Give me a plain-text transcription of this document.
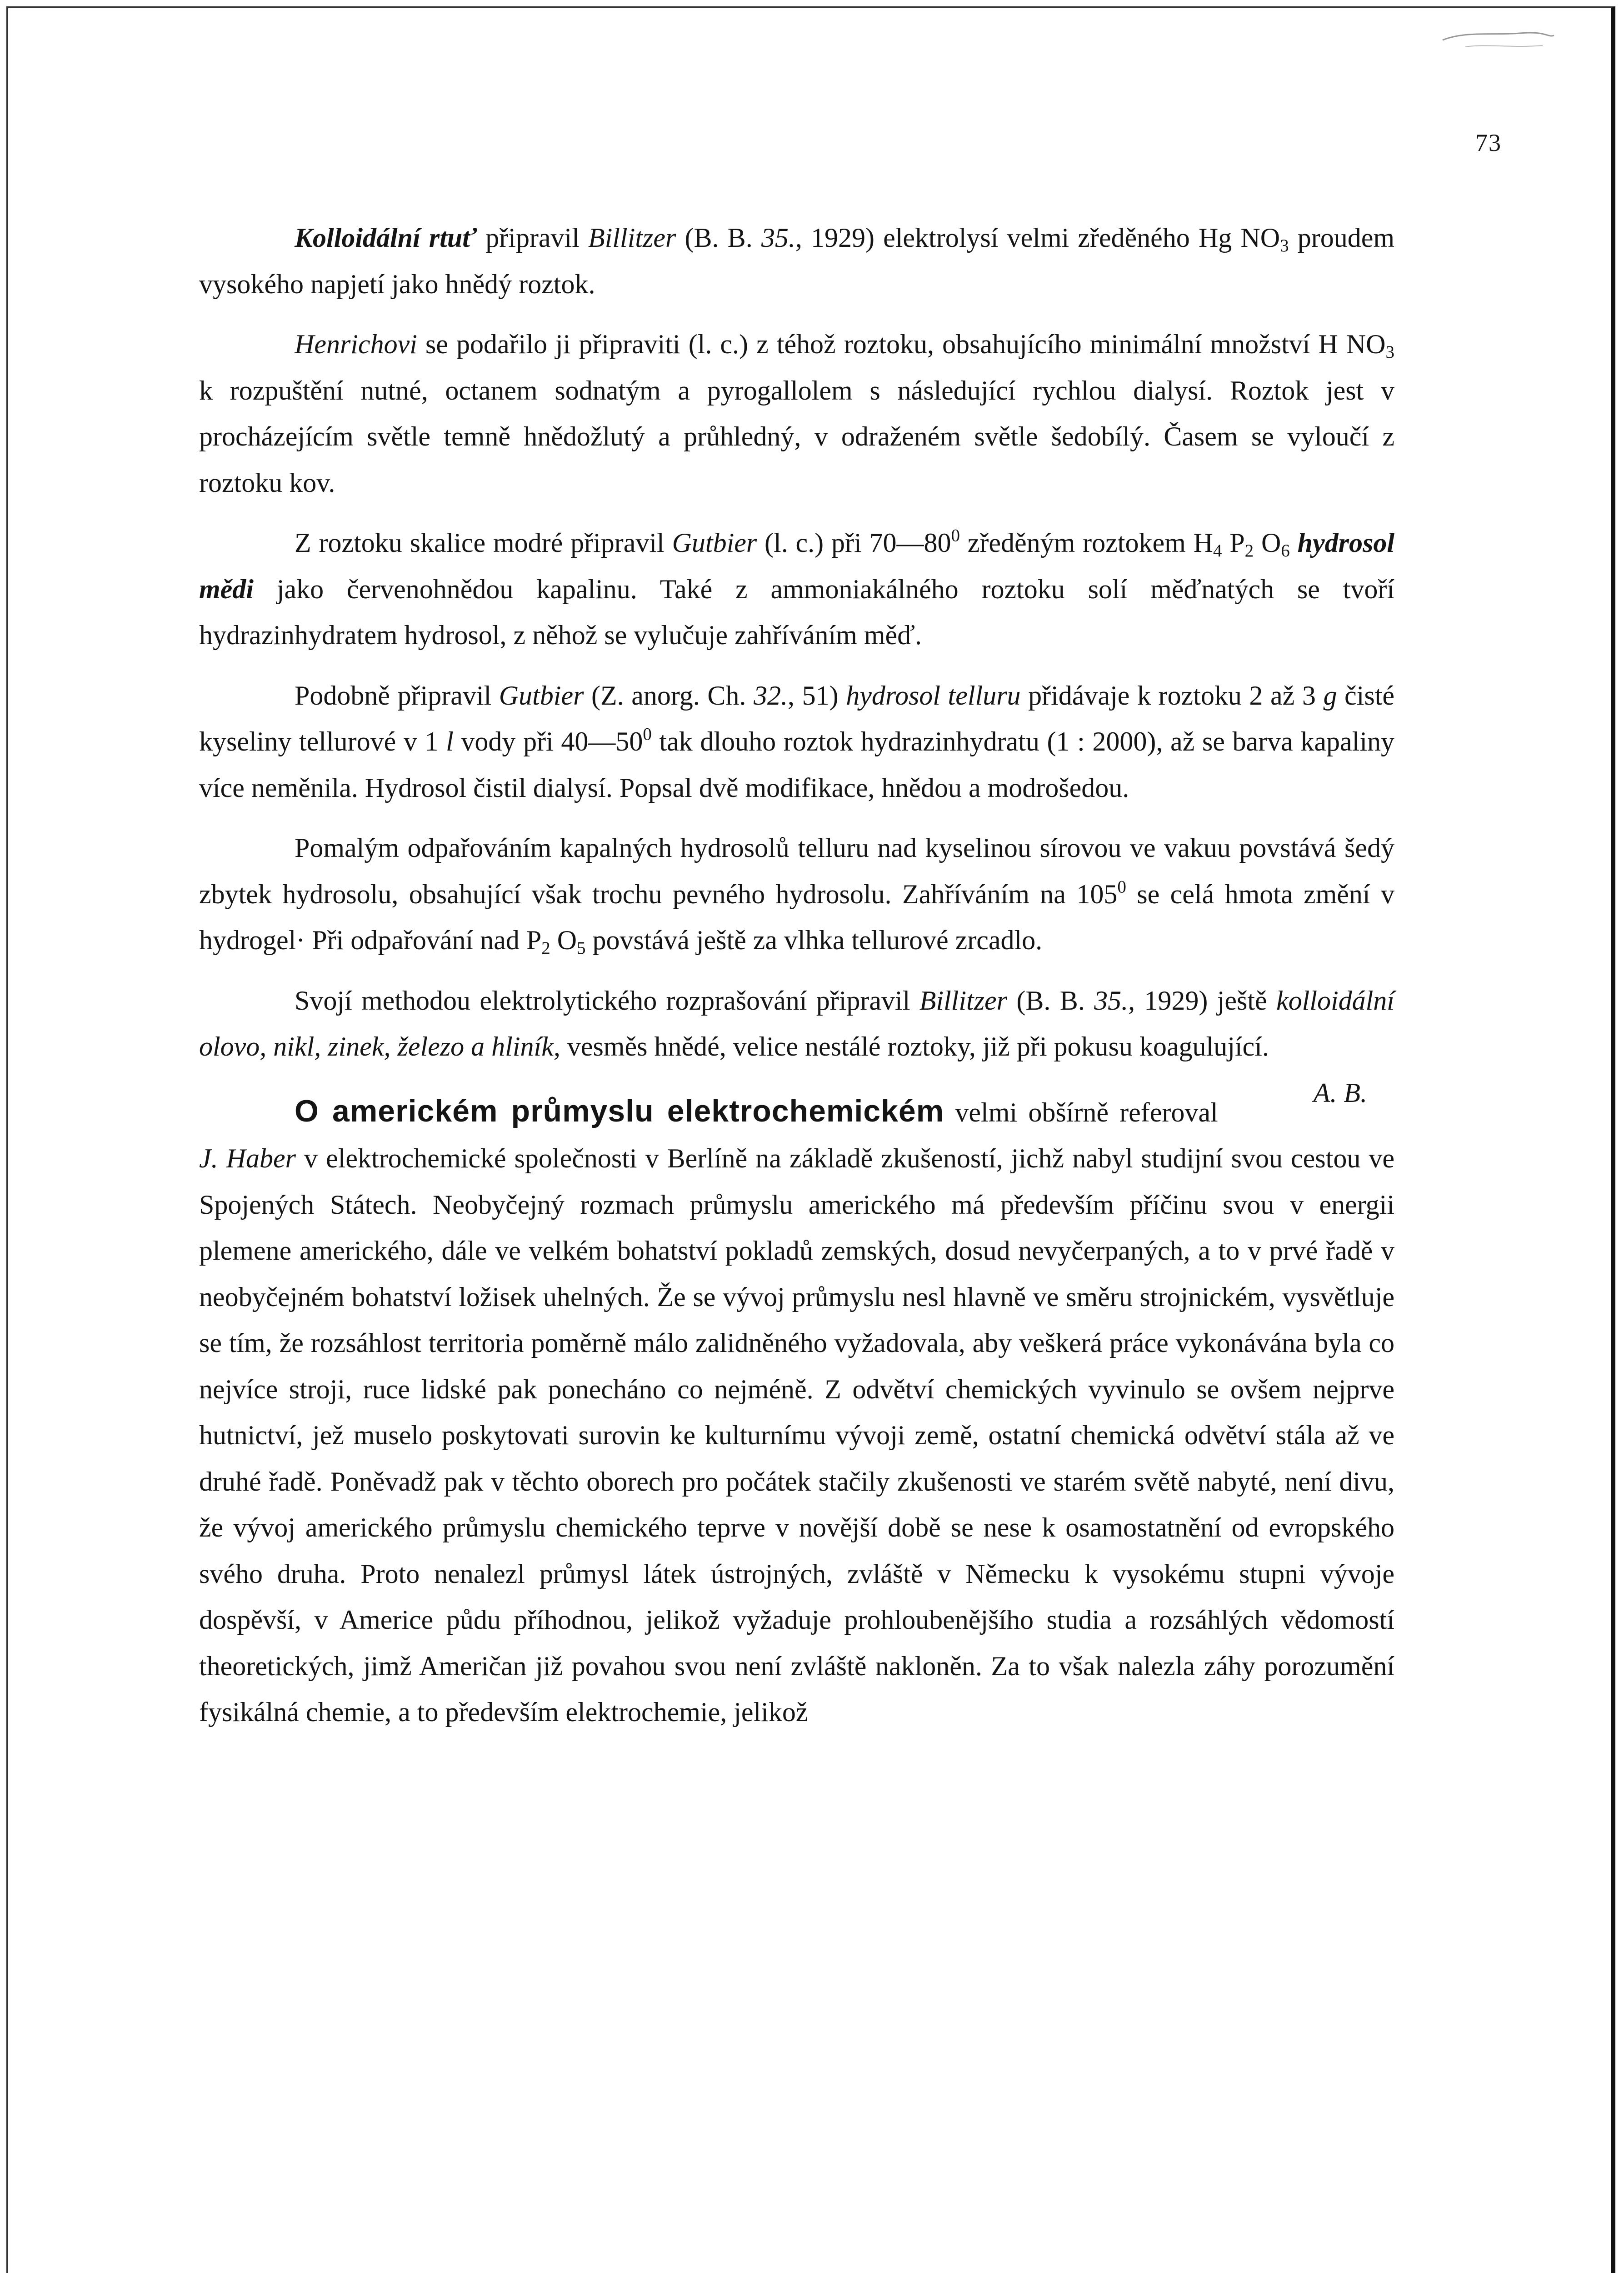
73

Kolloidální rtuť připravil Billitzer (B. B. 35., 1929) elektrolysí velmi zředěného Hg $NO_3$ proudem vysokého napjetí jako hnědý roztok.

Henrichovi se podařilo ji připraviti (l. c.) z téhož roztoku, obsahujícího minimální množství H $NO_3$ k rozpuštění nutné, octanem sodnatým a pyrogallolem s následující rychlou dialysí. Roztok jest v procházejícím světle temně hnědožlutý a průhledný, v odraženém světle šedobílý. Časem se vyloučí z roztoku kov.

Z roztoku skalice modré připravil Gutbier (l. c.) při $70—80^0$ zředěným roztokem $H_4$ $P_2$ $O_6$ hydrosol mědi jako červenohnědou kapalinu. Také z ammoniakálného roztoku solí měďnatých se tvoří hydrazinhydratem hydrosol, z něhož se vylučuje zahříváním měď.

Podobně připravil Gutbier (Z. anorg. Ch. 32., 51) hydrosol telluru přidávaje k roztoku 2 až 3 g čisté kyseliny tellurové v 1 l vody při $40—50^0$ tak dlouho roztok hydrazinhydratu (1 : 2000), až se barva kapaliny více neměnila. Hydrosol čistil dialysí. Popsal dvě modifikace, hnědou a modrošedou.

Pomalým odpařováním kapalných hydrosolů telluru nad kyselinou sírovou ve vakuu povstává šedý zbytek hydrosolu, obsahující však trochu pevného hydrosolu. Zahříváním na $105^0$ se celá hmota změní v hydrogel· Při odpařování nad $P_2$ $O_5$ povstává ještě za vlhka tellurové zrcadlo.

Svojí methodou elektrolytického rozprašování připravil Billitzer (B. B. 35., 1929) ještě kolloidální olovo, nikl, zinek, železo a hliník, vesměs hnědé, velice nestálé roztoky, již při pokusu koagulující.
A. B.

O americkém průmyslu elektrochemickém velmi obšírně referoval J. Haber v elektrochemické společnosti v Berlíně na základě zkušeností, jichž nabyl studijní svou cestou ve Spojených Státech. Neobyčejný rozmach průmyslu amerického má především příčinu svou v energii plemene amerického, dále ve velkém bohatství pokladů zemských, dosud nevyčerpaných, a to v prvé řadě v neobyčejném bohatství ložisek uhelných. Že se vývoj průmyslu nesl hlavně ve směru strojnickém, vysvětluje se tím, že rozsáhlost territoria poměrně málo zalidněného vyžadovala, aby veškerá práce vykonávána byla co nejvíce stroji, ruce lidské pak ponecháno co nejméně. Z odvětví chemických vyvinulo se ovšem nejprve hutnictví, jež muselo poskytovati surovin ke kulturnímu vývoji země, ostatní chemická odvětví stála až ve druhé řadě. Poněvadž pak v těchto oborech pro počátek stačily zkušenosti ve starém světě nabyté, není divu, že vývoj amerického průmyslu chemického teprve v novější době se nese k osamostatnění od evropského svého druha. Proto nenalezl průmysl látek ústrojných, zvláště v Německu k vysokému stupni vývoje dospěvší, v Americe půdu příhodnou, jelikož vyžaduje prohloubenějšího studia a rozsáhlých vědomostí theoretických, jimž Američan již povahou svou není zvláště nakloněn. Za to však nalezla záhy porozumění fysikálná chemie, a to především elektrochemie, jelikož
